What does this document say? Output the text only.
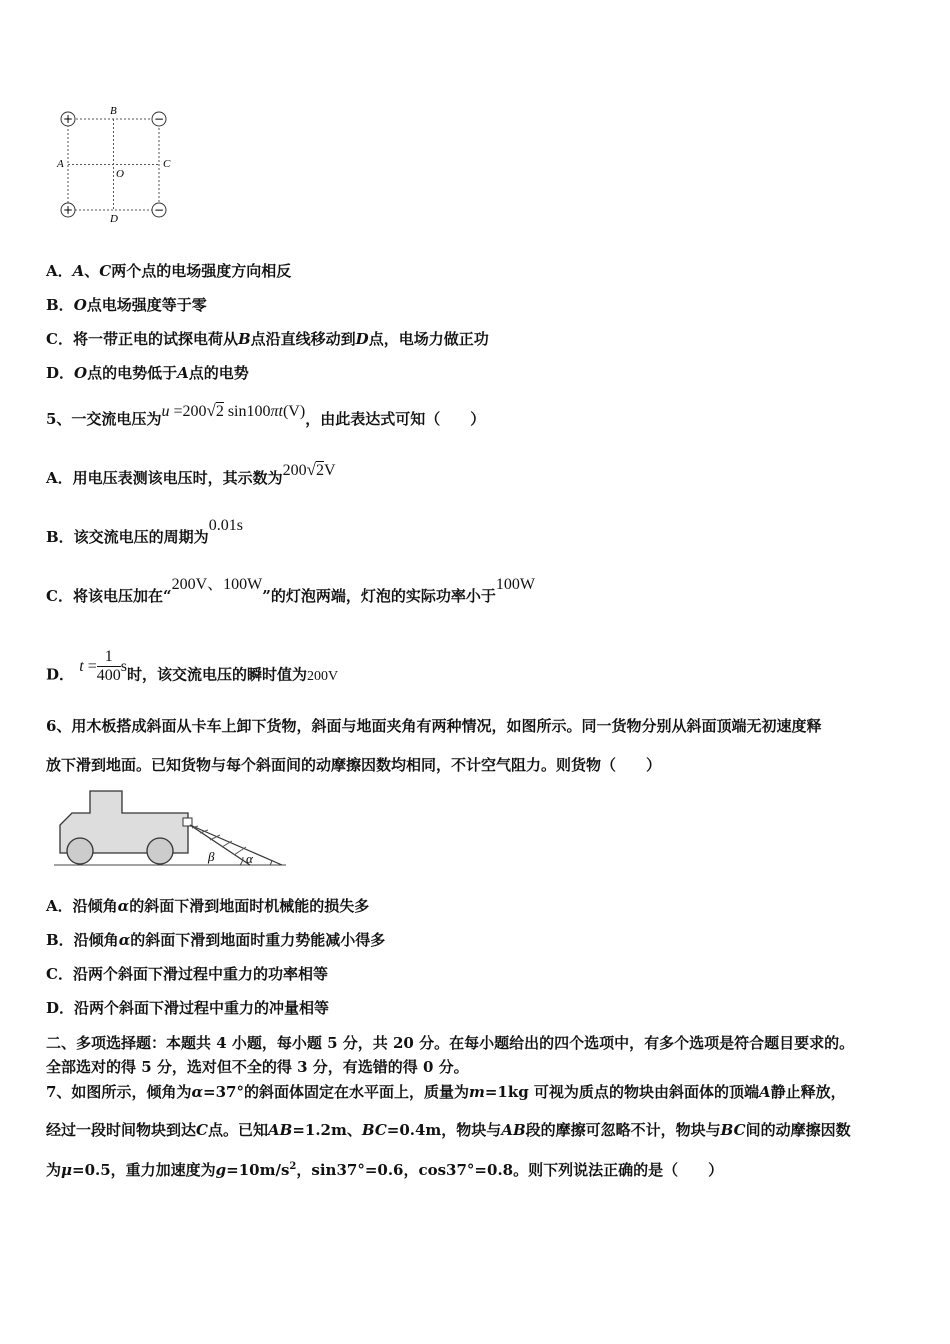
+	−
+	−
B
A	C
D
O
A．A、C两个点的电场强度方向相反
B．O点电场强度等于零
C．将一带正电的试探电荷从B点沿直线移动到D点，电场力做正功
D．O点的电势低于A点的电势
5、一交流电压为u =200√2 sin100πt(V)，由此表达式可知（　　）
A．用电压表测该电压时，其示数为200√2V
B．该交流电压的周期为0.01s
C．将该电压加在“200V、100W”的灯泡两端，灯泡的实际功率小于100W
D． $t = \frac{1}{400}$ s时，该交流电压的瞬时值为200V
6、用木板搭成斜面从卡车上卸下货物，斜面与地面夹角有两种情况，如图所示。同一货物分别从斜面顶端无初速度释
放下滑到地面。已知货物与每个斜面间的动摩擦因数均相同，不计空气阻力。则货物（　　）
β α
A．沿倾角α的斜面下滑到地面时机械能的损失多
B．沿倾角α的斜面下滑到地面时重力势能减小得多
C．沿两个斜面下滑过程中重力的功率相等
D．沿两个斜面下滑过程中重力的冲量相等
二、多项选择题：本题共 4 小题，每小题 5 分，共 20 分。在每小题给出的四个选项中，有多个选项是符合题目要求的。
全部选对的得 5 分，选对但不全的得 3 分，有选错的得 0 分。
7、如图所示，倾角为α=37°的斜面体固定在水平面上，质量为m=1kg 可视为质点的物块由斜面体的顶端A静止释放，
经过一段时间物块到达C点。已知AB=1.2m、BC=0.4m，物块与AB段的摩擦可忽略不计，物块与BC间的动摩擦因数
为μ=0.5，重力加速度为$g=10m/s^2$，sin37°=0.6，cos37°=0.8。则下列说法正确的是（　　）
